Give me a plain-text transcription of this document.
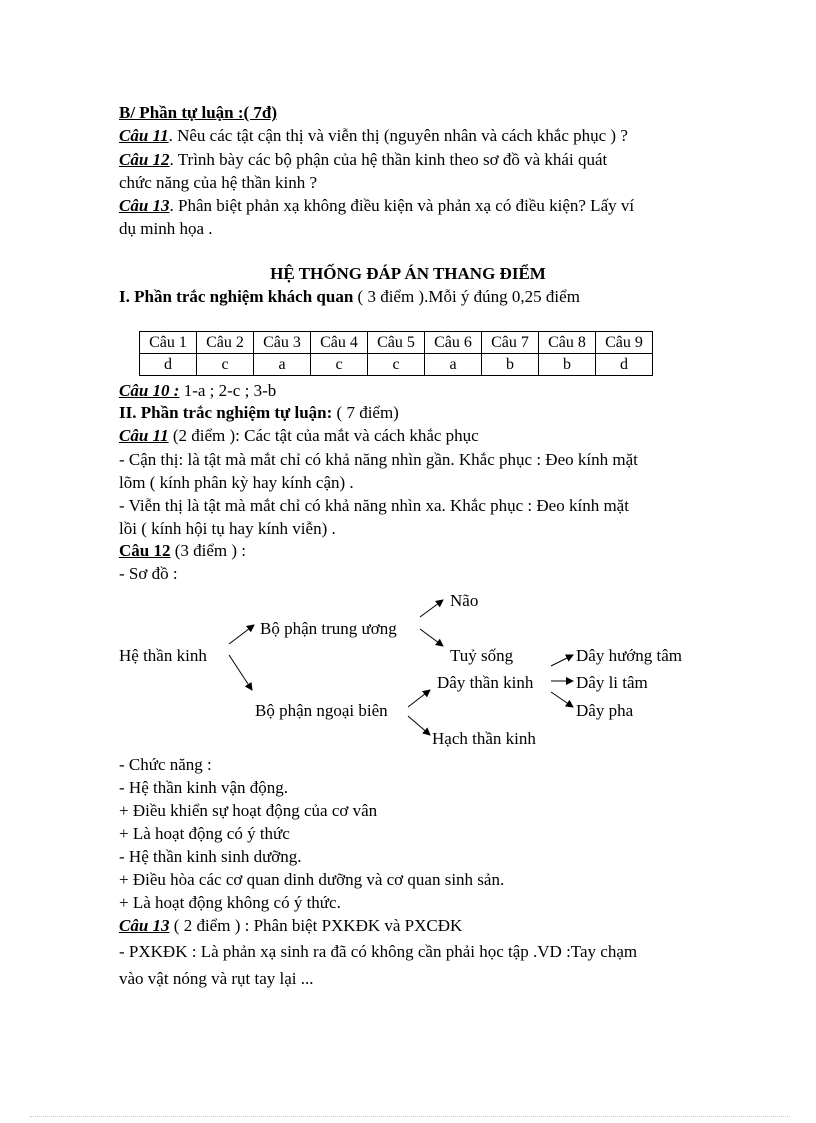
B/ Phần tự luận :( 7đ)
Câu 11. Nêu các tật cận thị và viễn thị (nguyên nhân và cách khắc phục ) ?
Câu 12. Trình bày các bộ phận của hệ thần kinh theo sơ đồ và khái quát
chức năng của hệ thần kinh ?
Câu 13. Phân biệt phản xạ không điều kiện và phản xạ có điều kiện? Lấy ví
dụ minh họa .
HỆ THỐNG ĐÁP ÁN THANG ĐIỂM
I. Phần trắc nghiệm khách quan ( 3 điểm ).Mỗi ý đúng 0,25 điểm
Câu 1	Câu 2	Câu 3	Câu 4	Câu 5	Câu 6	Câu 7	Câu 8	Câu 9
d	c	a	c	c	a	b	b	d
Câu 10 : 1-a ; 2-c ; 3-b
II. Phần trắc nghiệm tự luận: ( 7 điểm)
Câu 11 (2 điểm ): Các tật của mắt và cách khắc phục
- Cận thị: là tật mà mắt chỉ có khả năng nhìn gần. Khắc phục : Đeo kính mặt
lõm ( kính phân kỳ hay kính cận) .
- Viễn thị là tật mà mắt chỉ có khả năng nhìn xa. Khắc phục : Đeo kính mặt
lồi ( kính hội tụ hay kính viễn) .
Câu 12 (3 điểm ) :
- Sơ đồ :
Hệ thần kinh
Bộ phận trung ương
Não
Tuỷ sống
Bộ phận ngoại biên
Dây thần kinh
Hạch thần kinh
Dây hướng tâm
Dây li tâm
Dây pha
- Chức năng :
- Hệ thần kinh vận động.
+ Điều khiển sự hoạt động của cơ vân
+ Là hoạt động có ý thức
- Hệ thần kinh sinh dưỡng.
+ Điều hòa các cơ quan dinh dưỡng và cơ quan sinh sản.
+ Là hoạt động không có ý thức.
Câu 13 ( 2 điểm ) : Phân biệt PXKĐK và PXCĐK
- PXKĐK : Là phản xạ sinh ra đã có không cần phải học tập .VD :Tay chạm
vào vật nóng và rụt tay lại ...
